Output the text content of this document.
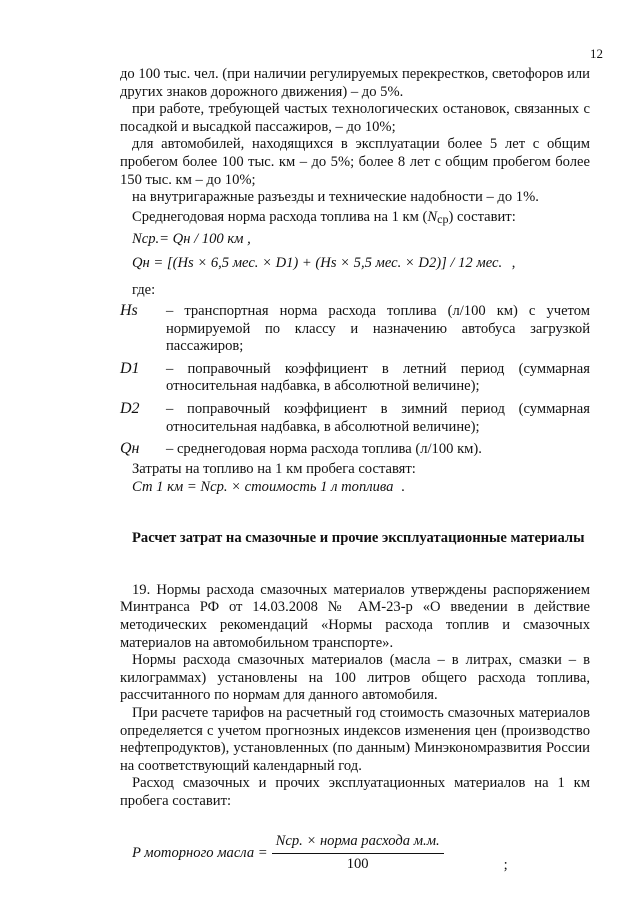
12

до 100 тыс. чел. (при наличии регулируемых перекрестков, светофоров или других знаков дорожного движения) – до 5%.

при работе, требующей частых технологических остановок, связанных с посадкой и высадкой пассажиров, – до 10%;

для автомобилей, находящихся в эксплуатации более 5 лет с общим пробегом более 100 тыс. км – до 5%; более 8 лет с общим пробегом более 150 тыс. км – до 10%;

на внутригаражные разъезды и технические надобности – до 1%.

Среднегодовая норма расхода топлива на 1 км (Nср) составит:

Nср.= Qн / 100 км ,
Qн = [(Hs × 6,5 мес. × D1) + (Hs × 5,5 мес. × D2)] / 12 мес. ,

где:

Hs	– транспортная норма расхода топлива (л/100 км) с учетом нормируемой по классу и назначению автобуса загрузкой пассажиров;

D1	– поправочный коэффициент в летний период (суммарная относительная надбавка, в абсолютной величине);

D2	– поправочный коэффициент в зимний период (суммарная относительная надбавка, в абсолютной величине);

Qн	– среднегодовая норма расхода топлива (л/100 км).

Затраты на топливо на 1 км пробега составят:

Ст 1 км = Nср. × стоимость 1 л топлива .

Расчет затрат на смазочные и прочие эксплуатационные материалы

19. Нормы расхода смазочных материалов утверждены распоряжением Минтранса РФ от 14.03.2008 № АМ-23-р «О введении в действие методических рекомендаций «Нормы расхода топлив и смазочных материалов на автомобильном транспорте».

Нормы расхода смазочных материалов (масла – в литрах, смазки – в килограммах) установлены на 100 литров общего расхода топлива, рассчитанного по нормам для данного автомобиля.

При расчете тарифов на расчетный год стоимость смазочных материалов определяется с учетом прогнозных индексов изменения цен (производство нефтепродуктов), установленных (по данным) Минэкономразвития России на соответствующий календарный год.

Расход смазочных и прочих эксплуатационных материалов на 1 км пробега составит:

P моторного масла = $\frac{\text{Nср. × норма расхода м.м.}}{100}$	;
